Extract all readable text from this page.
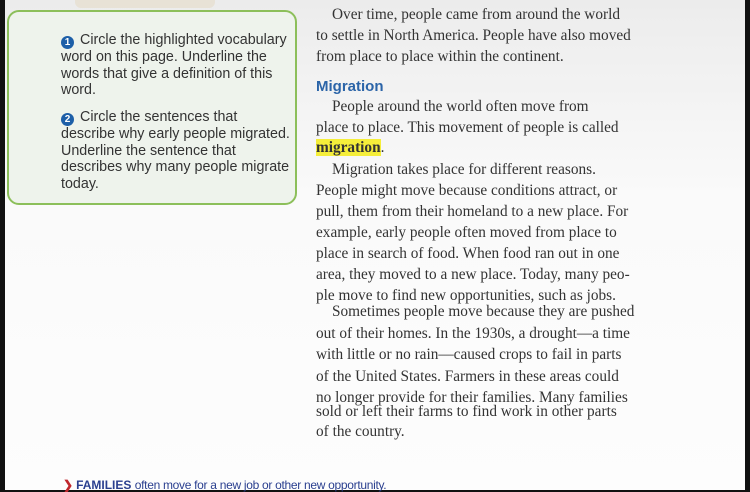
1 Circle the highlighted vocabulary word on this page. Underline the words that give a definition of this word.
2 Circle the sentences that describe why early people migrated. Underline the sentence that describes why many people migrate today.
Over time, people came from around the world
to settle in North America. People have also moved
from place to place within the continent.
Migration
People around the world often move from
place to place. This movement of people is called
migration.
Migration takes place for different reasons.
People might move because conditions attract, or
pull, them from their homeland to a new place. For
example, early people often moved from place to
place in search of food. When food ran out in one
area, they moved to a new place. Today, many peo-
ple move to find new opportunities, such as jobs.
Sometimes people move because they are pushed
out of their homes. In the 1930s, a drought—a time
with little or no rain—caused crops to fail in parts
of the United States. Farmers in these areas could
no longer provide for their families. Many families
sold or left their farms to find work in other parts
of the country.
❯ FAMILIES often move for a new job or other new opportunity.
